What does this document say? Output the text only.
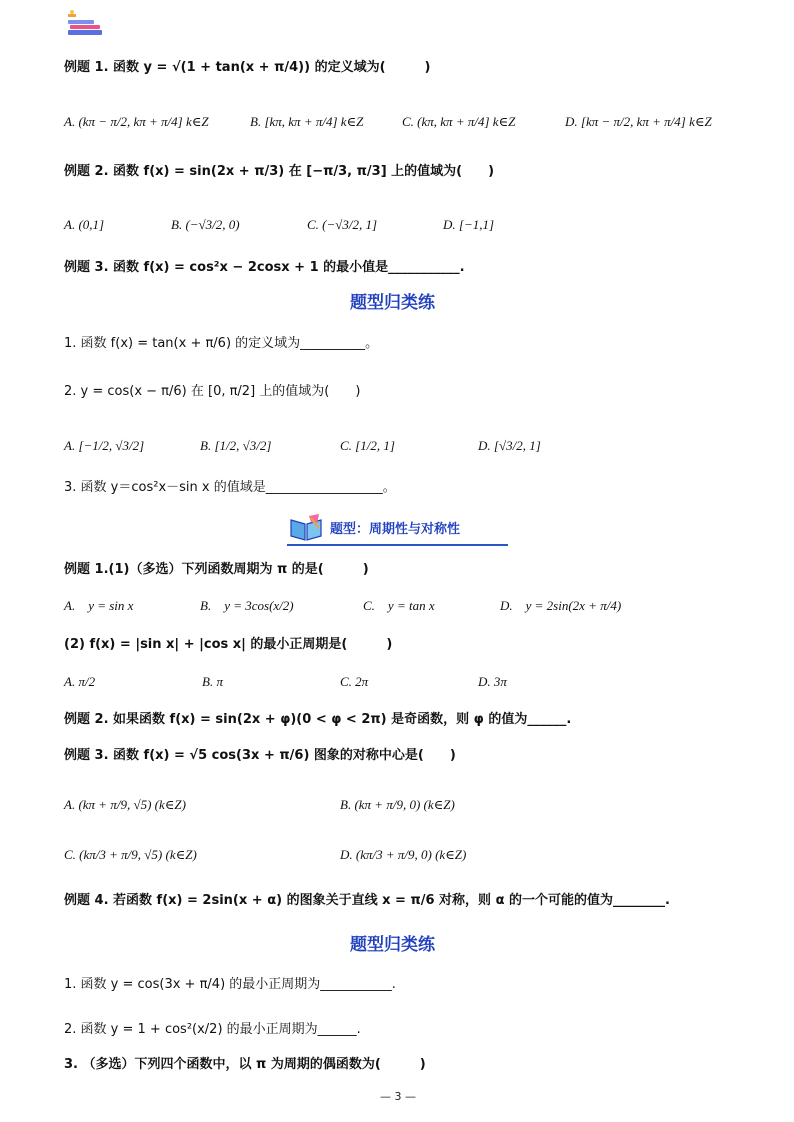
例题 1. 函数 y = √(1 + tan(x + π/4)) 的定义域为(　　　)
A. (kπ − π/2, kπ + π/4] k∈Z	B. [kπ, kπ + π/4] k∈Z	C. (kπ, kπ + π/4] k∈Z	D. [kπ − π/2, kπ + π/4] k∈Z
例题 2. 函数 f(x) = sin(2x + π/3) 在 [−π/3, π/3] 上的值域为(　　)
A. (0,1]	B. (−√3/2, 0)	C. (−√3/2, 1]	D. [−1,1]
例题 3. 函数 f(x) = cos²x − 2cosx + 1 的最小值是___________.
题型归类练
1. 函数 f(x) = tan(x + π/6) 的定义域为__________。
2. y = cos(x − π/6) 在 [0, π/2] 上的值域为(　　)
A. [−1/2, √3/2]	B. [1/2, √3/2]	C. [1/2, 1]	D. [√3/2, 1]
3. 函数 y＝cos²x－sin x 的值域是__________________。
题型：周期性与对称性
例题 1.(1)（多选）下列函数周期为 π 的是(　　　)
A.　y = sin x	B.　y = 3cos(x/2)	C.　y = tan x	D.　y = 2sin(2x + π/4)
(2) f(x) = |sin x| + |cos x| 的最小正周期是(　　　)
A. π/2	B. π	C. 2π	D. 3π
例题 2. 如果函数 f(x) = sin(2x + φ)(0 < φ < 2π) 是奇函数，则 φ 的值为______.
例题 3. 函数 f(x) = √5 cos(3x + π/6) 图象的对称中心是(　　)
A. (kπ + π/9, √5) (k∈Z)	B. (kπ + π/9, 0) (k∈Z)
C. (kπ/3 + π/9, √5) (k∈Z)	D. (kπ/3 + π/9, 0) (k∈Z)
例题 4. 若函数 f(x) = 2sin(x + α) 的图象关于直线 x = π/6 对称，则 α 的一个可能的值为________.
题型归类练
1. 函数 y = cos(3x + π/4) 的最小正周期为___________.
2. 函数 y = 1 + cos²(x/2) 的最小正周期为______.
3. （多选）下列四个函数中，以 π 为周期的偶函数为(　　　)
— 3 —
